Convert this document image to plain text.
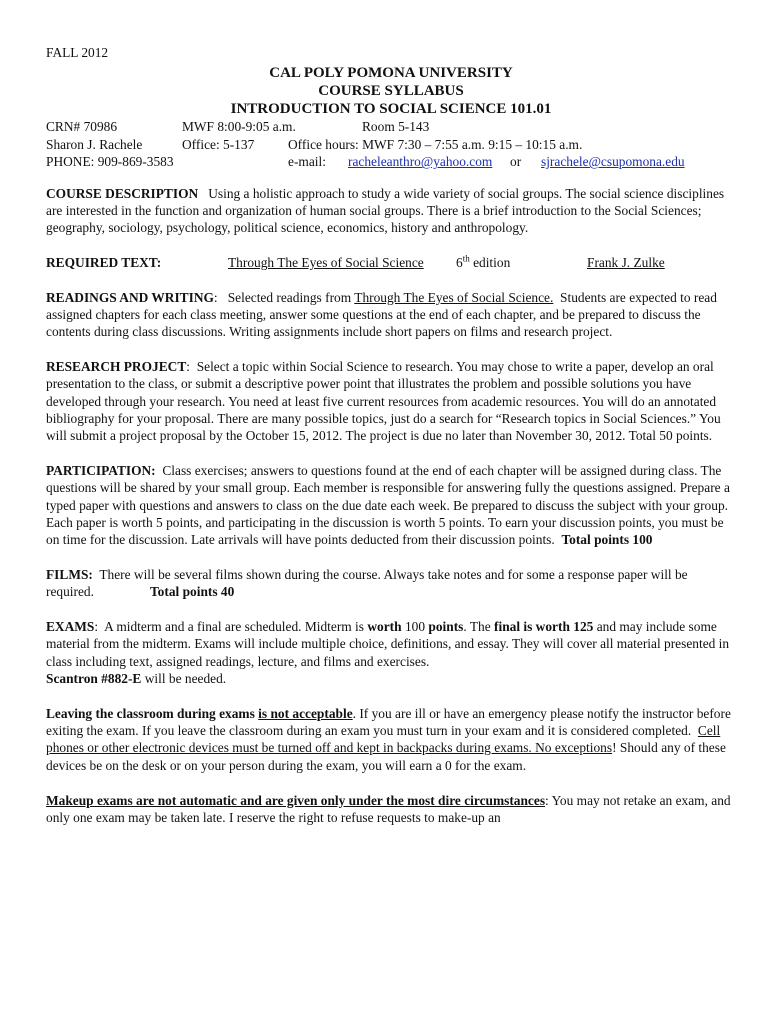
FALL 2012
CAL POLY POMONA UNIVERSITY
COURSE SYLLABUS
INTRODUCTION TO SOCIAL SCIENCE 101.01
CRN# 70986	MWF 8:00-9:05 a.m.	Room 5-143
Sharon J. Rachele	Office: 5-137	Office hours: MWF 7:30 – 7:55 a.m. 9:15 – 10:15 a.m.
PHONE: 909-869-3583	e-mail: racheleanthro@yahoo.com or sjrachele@csupomona.edu

COURSE DESCRIPTION Using a holistic approach to study a wide variety of social groups. The social science disciplines are interested in the function and organization of human social groups. There is a brief introduction to the Social Sciences; geography, sociology, psychology, political science, economics, history and anthropology.

REQUIRED TEXT:	Through The Eyes of Social Science 6th edition	Frank J. Zulke

READINGS AND WRITING: Selected readings from Through The Eyes of Social Science. Students are expected to read assigned chapters for each class meeting, answer some questions at the end of each chapter, and be prepared to discuss the contents during class discussions. Writing assignments include short papers on films and research project.

RESEARCH PROJECT: Select a topic within Social Science to research. You may chose to write a paper, develop an oral presentation to the class, or submit a descriptive power point that illustrates the problem and possible solutions you have developed through your research. You need at least five current resources from academic resources. You will do an annotated bibliography for your proposal. There are many possible topics, just do a search for “Research topics in Social Sciences.” You will submit a project proposal by the October 15, 2012. The project is due no later than November 30, 2012. Total 50 points.

PARTICIPATION: Class exercises; answers to questions found at the end of each chapter will be assigned during class. The questions will be shared by your small group. Each member is responsible for answering fully the questions assigned. Prepare a typed paper with questions and answers to class on the due date each week. Be prepared to discuss the subject with your group. Each paper is worth 5 points, and participating in the discussion is worth 5 points. To earn your discussion points, you must be on time for the discussion. Late arrivals will have points deducted from their discussion points. Total points 100

FILMS: There will be several films shown during the course. Always take notes and for some a response paper will be required.	Total points 40

EXAMS: A midterm and a final are scheduled. Midterm is worth 100 points. The final is worth 125 and may include some material from the midterm. Exams will include multiple choice, definitions, and essay. They will cover all material presented in class including text, assigned readings, lecture, and films and exercises.
Scantron #882-E will be needed.

Leaving the classroom during exams is not acceptable. If you are ill or have an emergency please notify the instructor before exiting the exam. If you leave the classroom during an exam you must turn in your exam and it is considered completed. Cell phones or other electronic devices must be turned off and kept in backpacks during exams. No exceptions! Should any of these devices be on the desk or on your person during the exam, you will earn a 0 for the exam.

Makeup exams are not automatic and are given only under the most dire circumstances: You may not retake an exam, and only one exam may be taken late. I reserve the right to refuse requests to make-up an
